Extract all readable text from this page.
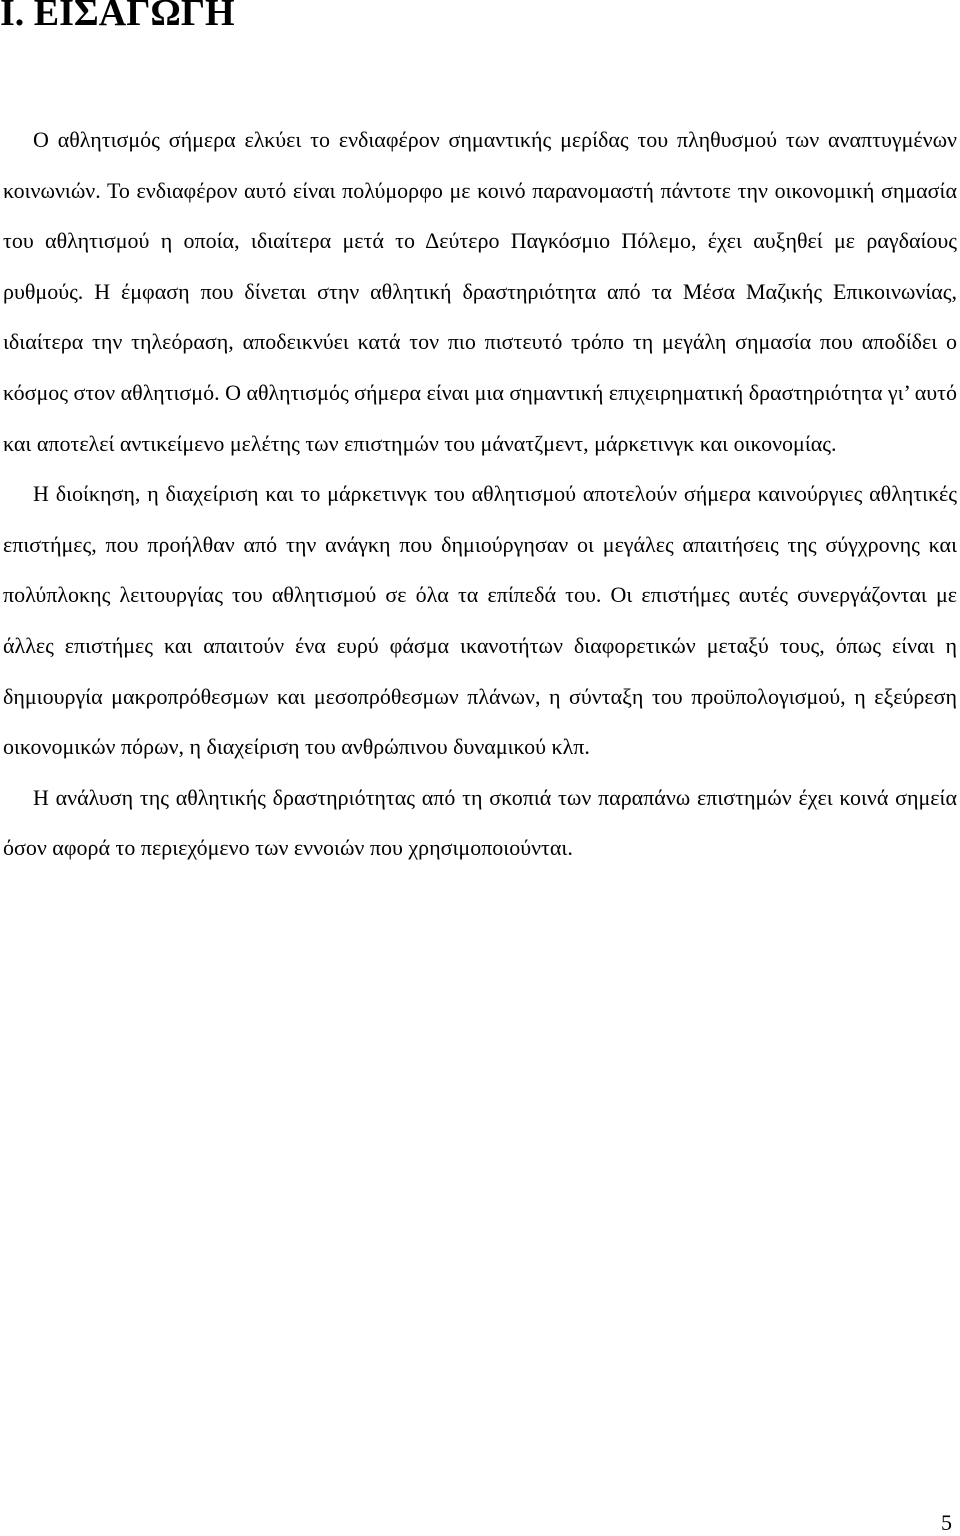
I. ΕΙΣΑΓΩΓΗ

Ο αθλητισμός σήμερα ελκύει το ενδιαφέρον σημαντικής μερίδας του πληθυσμού των αναπτυγμένων κοινωνιών. Το ενδιαφέρον αυτό είναι πολύμορφο με κοινό παρανομαστή πάντοτε την οικονομική σημασία του αθλητισμού η οποία, ιδιαίτερα μετά το Δεύτερο Παγκόσμιο Πόλεμο, έχει αυξηθεί με ραγδαίους ρυθμούς. Η έμφαση που δίνεται στην αθλητική δραστηριότητα από τα Μέσα Μαζικής Επικοινωνίας, ιδιαίτερα την τηλεόραση, αποδεικνύει κατά τον πιο πιστευτό τρόπο τη μεγάλη σημασία που αποδίδει ο κόσμος στον αθλητισμό. Ο αθλητισμός σήμερα είναι μια σημαντική επιχειρηματική δραστηριότητα γι’ αυτό και αποτελεί αντικείμενο μελέτης των επιστημών του μάνατζμεντ, μάρκετινγκ και οικονομίας.

Η διοίκηση, η διαχείριση και το μάρκετινγκ του αθλητισμού αποτελούν σήμερα καινούργιες αθλητικές επιστήμες, που προήλθαν από την ανάγκη που δημιούργησαν οι μεγάλες απαιτήσεις της σύγχρονης και πολύπλοκης λειτουργίας του αθλητισμού σε όλα τα επίπεδά του. Οι επιστήμες αυτές συνεργάζονται με άλλες επιστήμες και απαιτούν ένα ευρύ φάσμα ικανοτήτων διαφορετικών μεταξύ τους, όπως είναι η δημιουργία μακροπρόθεσμων και μεσοπρόθεσμων πλάνων, η σύνταξη του προϋπολογισμού, η εξεύρεση οικονομικών πόρων, η διαχείριση του ανθρώπινου δυναμικού κλπ.

Η ανάλυση της αθλητικής δραστηριότητας από τη σκοπιά των παραπάνω επιστημών έχει κοινά σημεία όσον αφορά το περιεχόμενο των εννοιών που χρησιμοποιούνται.

5
